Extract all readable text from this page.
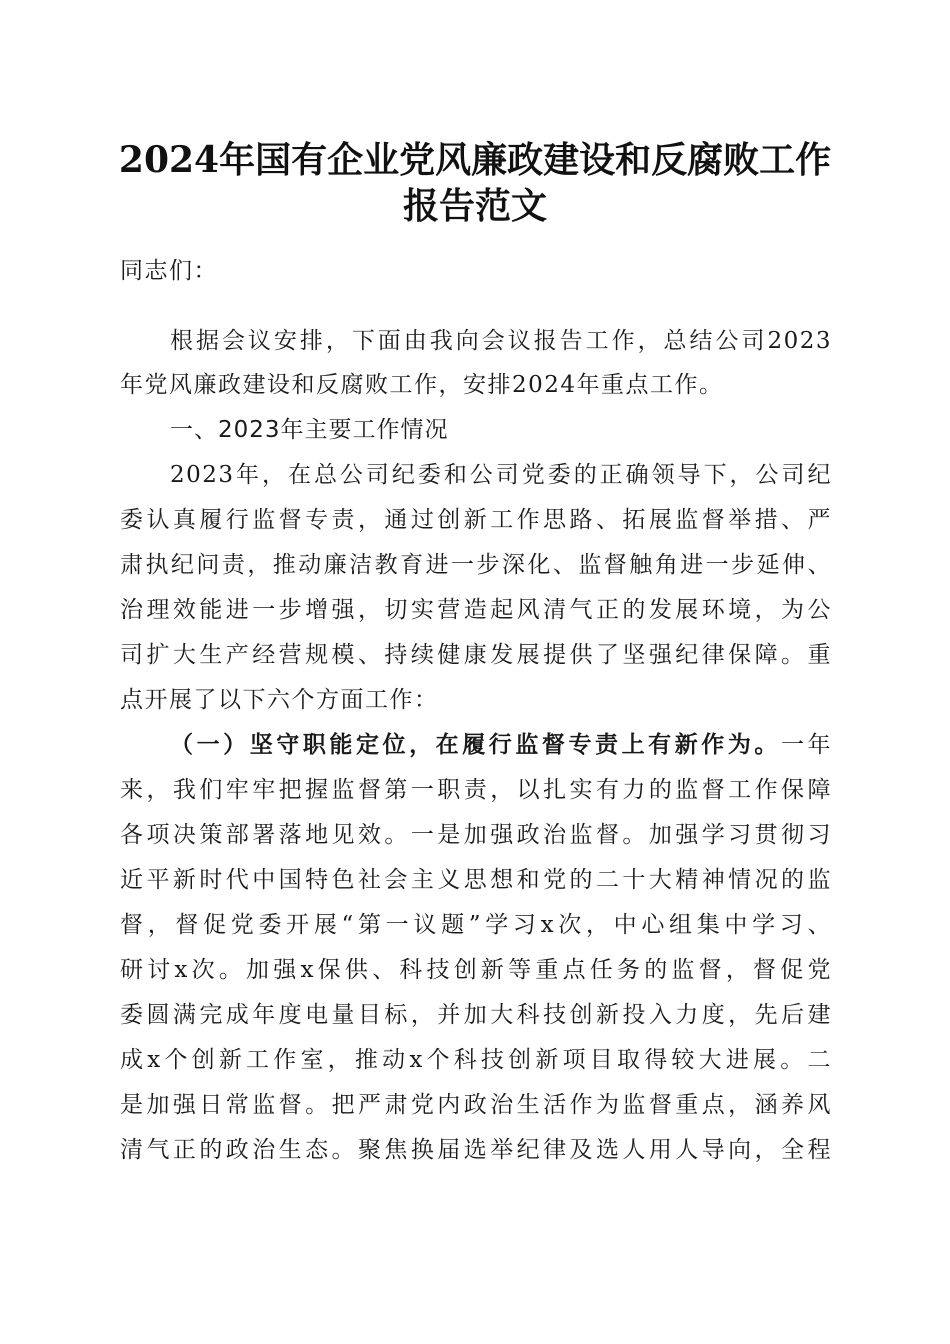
2024年国有企业党风廉政建设和反腐败工作
报告范文
同志们：
根据会议安排，下面由我向会议报告工作，总结公司2023
年党风廉政建设和反腐败工作，安排2024年重点工作。
一、2023年主要工作情况
2023年，在总公司纪委和公司党委的正确领导下，公司纪
委认真履行监督专责，通过创新工作思路、拓展监督举措、严
肃执纪问责，推动廉洁教育进一步深化、监督触角进一步延伸、
治理效能进一步增强，切实营造起风清气正的发展环境，为公
司扩大生产经营规模、持续健康发展提供了坚强纪律保障。重
点开展了以下六个方面工作：
（一）坚守职能定位，在履行监督专责上有新作为。一年
来，我们牢牢把握监督第一职责，以扎实有力的监督工作保障
各项决策部署落地见效。一是加强政治监督。加强学习贯彻习
近平新时代中国特色社会主义思想和党的二十大精神情况的监
督，督促党委开展“第一议题”学习x次，中心组集中学习、
研讨x次。加强x保供、科技创新等重点任务的监督，督促党
委圆满完成年度电量目标，并加大科技创新投入力度，先后建
成x个创新工作室，推动x个科技创新项目取得较大进展。二
是加强日常监督。把严肃党内政治生活作为监督重点，涵养风
清气正的政治生态。聚焦换届选举纪律及选人用人导向，全程
